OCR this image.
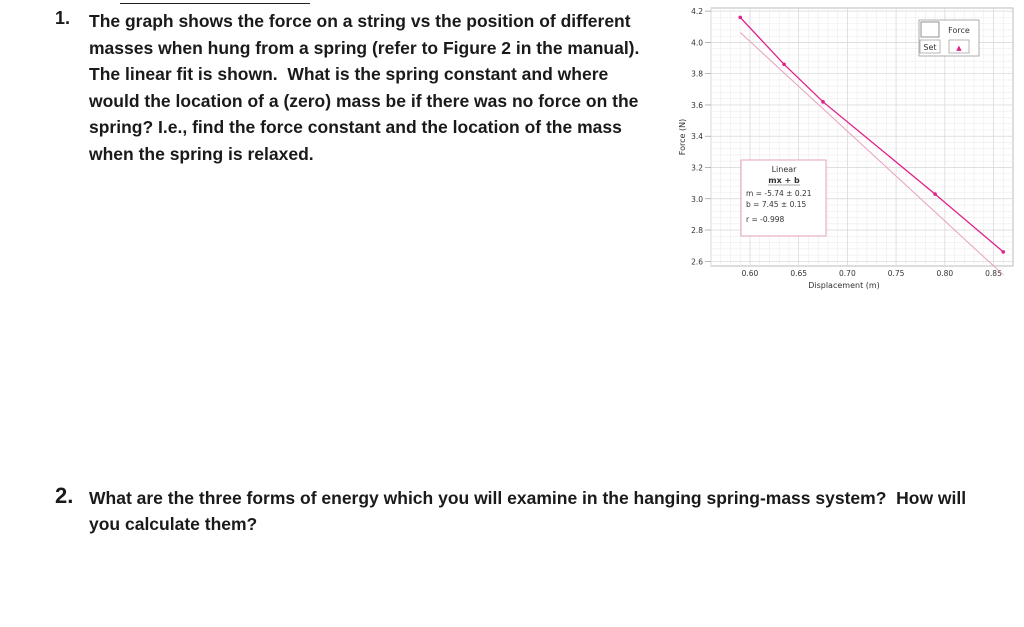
1. The graph shows the force on a string vs the position of different
masses when hung from a spring (refer to Figure 2 in the manual).
The linear fit is shown.  What is the spring constant and where
would the location of a (zero) mass be if there was no force on the
spring? I.e., find the force constant and the location of the mass
when the spring is relaxed.
4.2
4.0
3.8
3.6
3.4
3.2
3.0
2.8
2.6
0.60	0.65	0.70	0.75	0.80	0.85
Force (N)
Displacement (m)
Force
Set	▲
Linear
mx + b
m = -5.74 ± 0.21
b = 7.45 ± 0.15
r = -0.998
2. What are the three forms of energy which you will examine in the hanging spring-mass system?  How will
you calculate them?
